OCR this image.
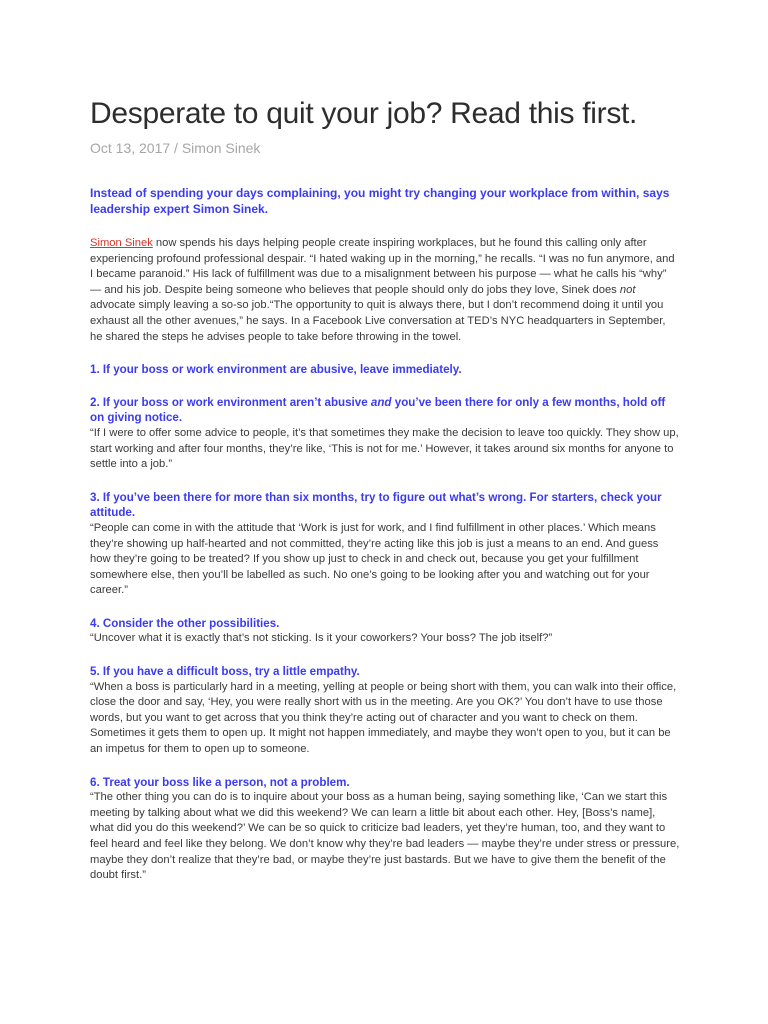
Desperate to quit your job? Read this first.
Oct 13, 2017 / Simon Sinek

Instead of spending your days complaining, you might try changing your workplace from within, says leadership expert Simon Sinek.

Simon Sinek now spends his days helping people create inspiring workplaces, but he found this calling only after experiencing profound professional despair. “I hated waking up in the morning,” he recalls. “I was no fun anymore, and I became paranoid.” His lack of fulfillment was due to a misalignment between his purpose — what he calls his “why” — and his job. Despite being someone who believes that people should only do jobs they love, Sinek does not advocate simply leaving a so-so job.“The opportunity to quit is always there, but I don’t recommend doing it until you exhaust all the other avenues,” he says. In a Facebook Live conversation at TED’s NYC headquarters in September, he shared the steps he advises people to take before throwing in the towel.

1. If your boss or work environment are abusive, leave immediately.

2. If your boss or work environment aren’t abusive and you’ve been there for only a few months, hold off on giving notice.

“If I were to offer some advice to people, it’s that sometimes they make the decision to leave too quickly. They show up, start working and after four months, they’re like, ‘This is not for me.’ However, it takes around six months for anyone to settle into a job.”

3. If you’ve been there for more than six months, try to figure out what’s wrong. For starters, check your attitude.

“People can come in with the attitude that ‘Work is just for work, and I find fulfillment in other places.’ Which means they’re showing up half-hearted and not committed, they’re acting like this job is just a means to an end. And guess how they’re going to be treated? If you show up just to check in and check out, because you get your fulfillment somewhere else, then you’ll be labelled as such. No one’s going to be looking after you and watching out for your career.”

4. Consider the other possibilities.

“Uncover what it is exactly that’s not sticking. Is it your coworkers? Your boss? The job itself?”

5. If you have a difficult boss, try a little empathy.

“When a boss is particularly hard in a meeting, yelling at people or being short with them, you can walk into their office, close the door and say, ‘Hey, you were really short with us in the meeting. Are you OK?’ You don’t have to use those words, but you want to get across that you think they’re acting out of character and you want to check on them. Sometimes it gets them to open up. It might not happen immediately, and maybe they won’t open to you, but it can be an impetus for them to open up to someone.

6. Treat your boss like a person, not a problem.

“The other thing you can do is to inquire about your boss as a human being, saying something like, ‘Can we start this meeting by talking about what we did this weekend? We can learn a little bit about each other. Hey, [Boss’s name], what did you do this weekend?’ We can be so quick to criticize bad leaders, yet they’re human, too, and they want to feel heard and feel like they belong. We don’t know why they’re bad leaders — maybe they’re under stress or pressure, maybe they don’t realize that they’re bad, or maybe they’re just bastards. But we have to give them the benefit of the doubt first.”
